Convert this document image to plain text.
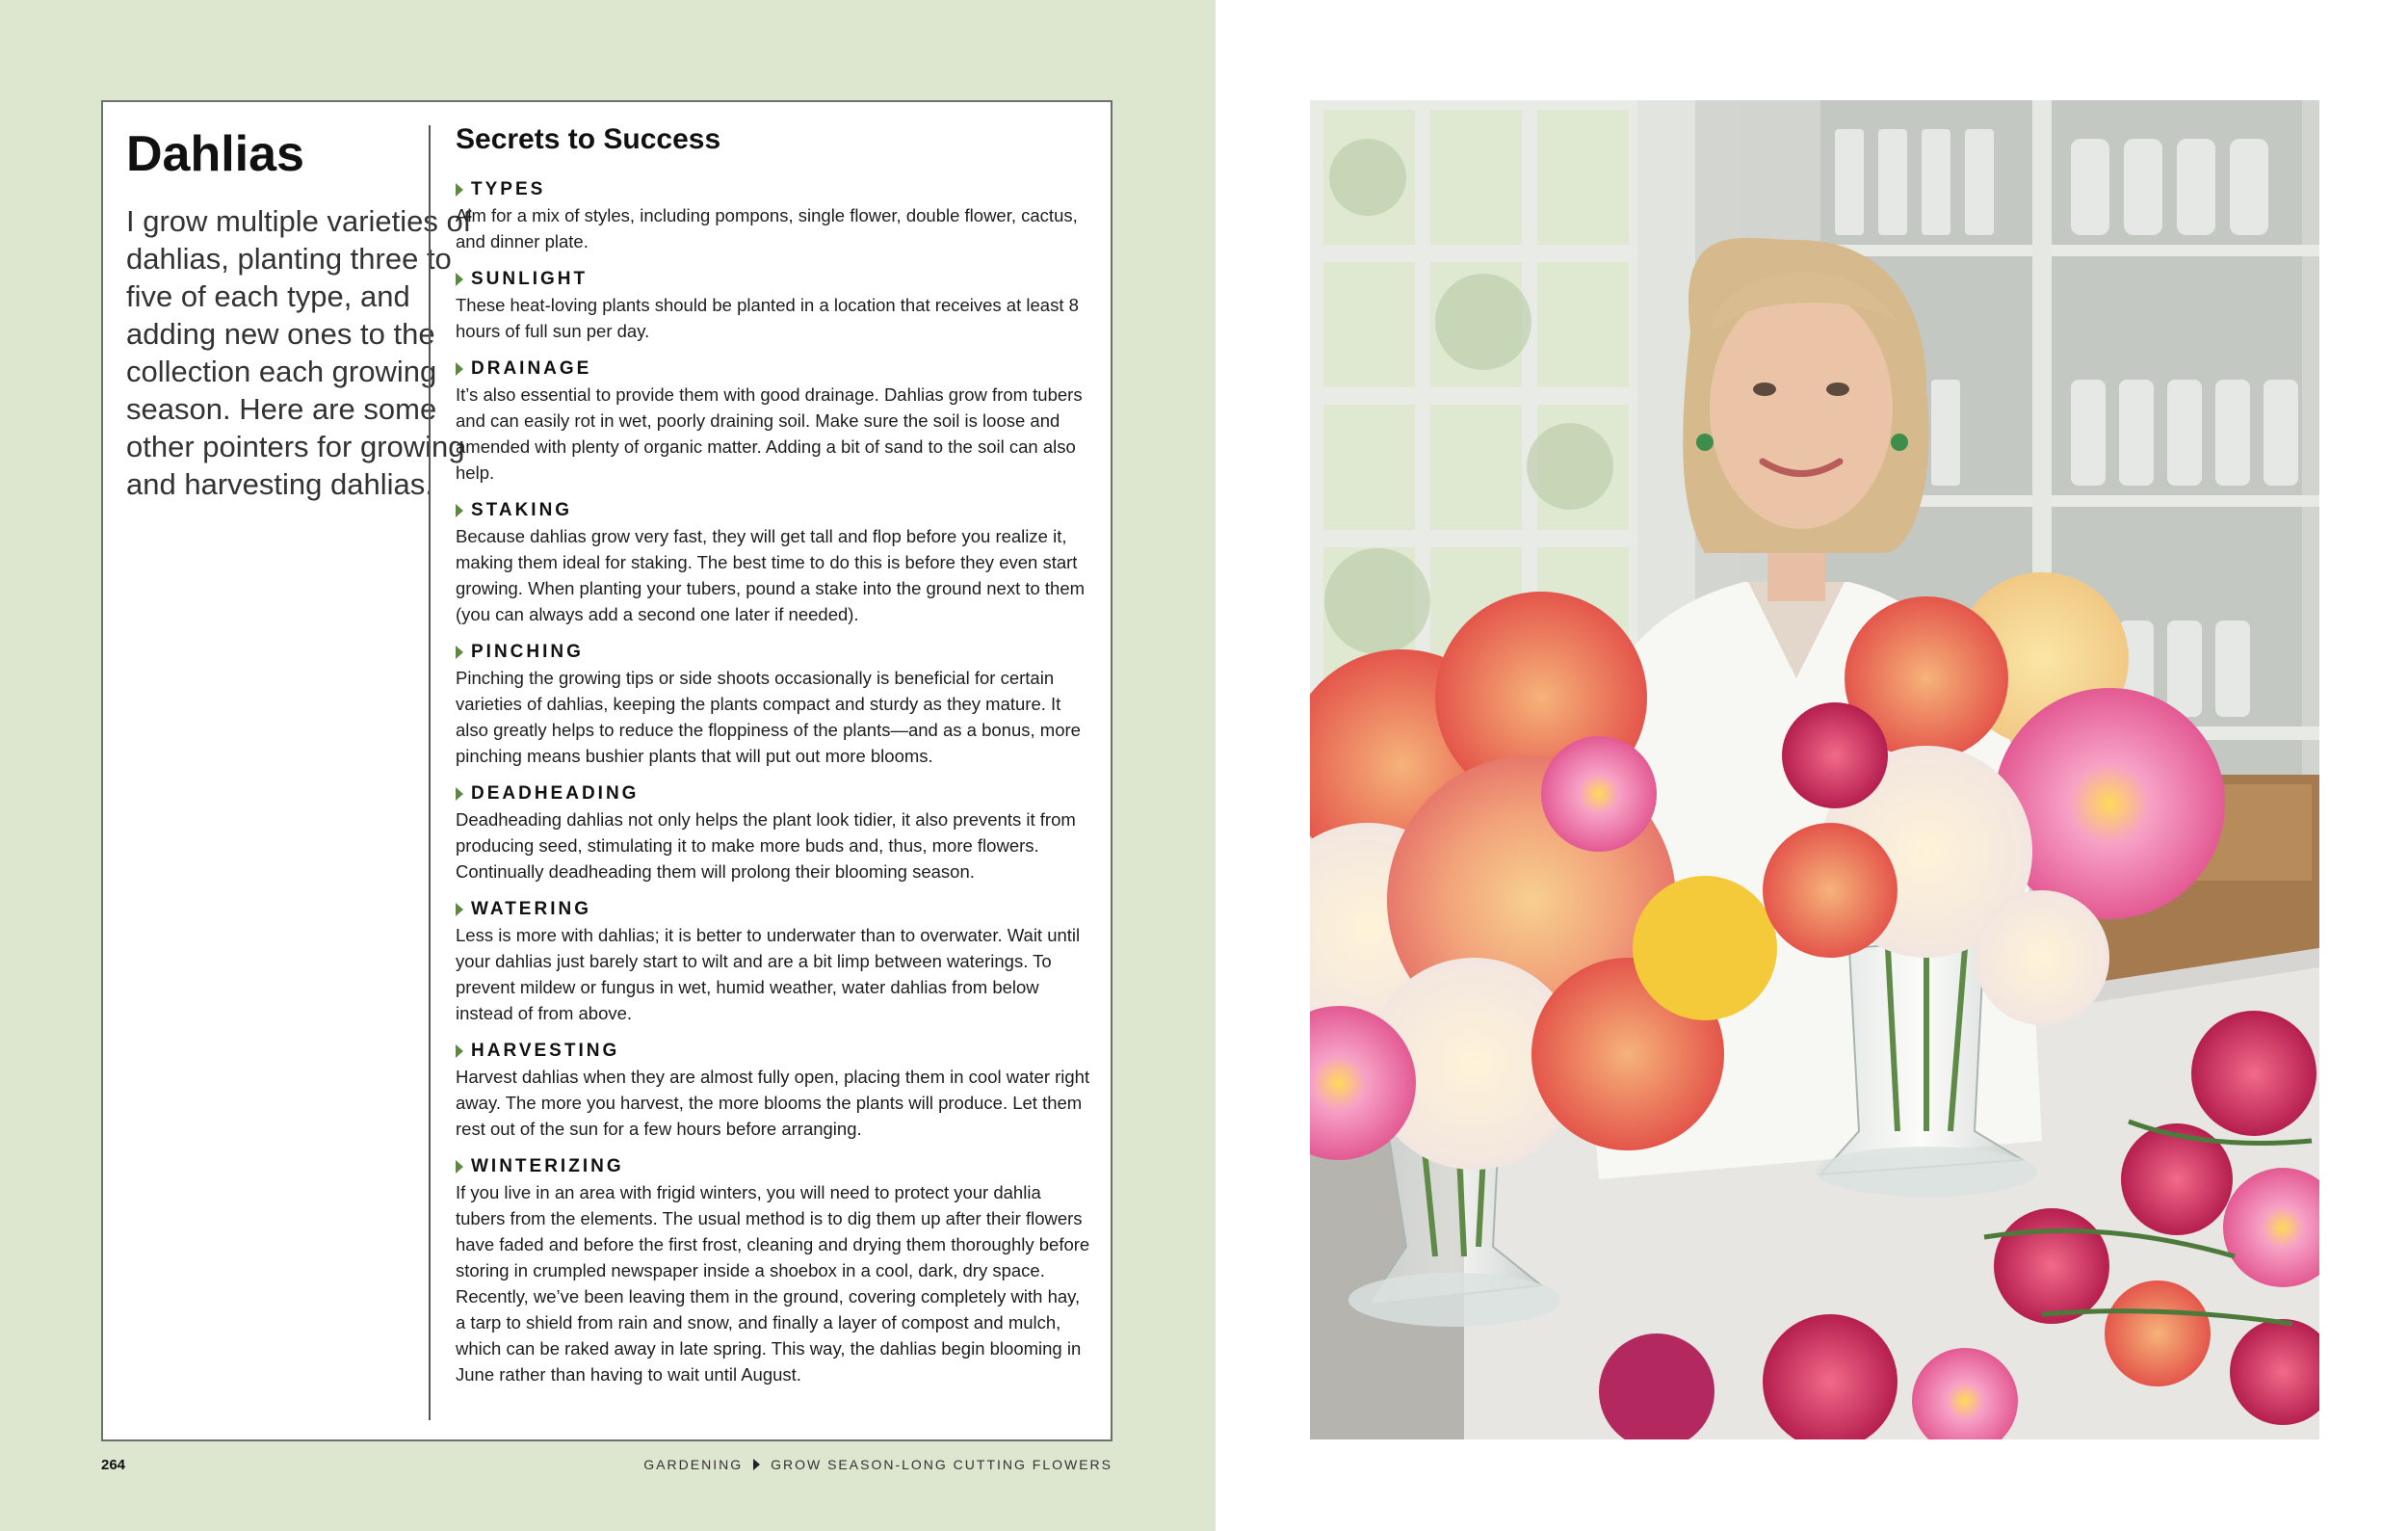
Dahlias

I grow multiple varieties of dahlias, planting three to five of each type, and adding new ones to the collection each growing season. Here are some other pointers for growing and harvesting dahlias.

Secrets to Success
TYPES
Aim for a mix of styles, including pompons, single flower, double flower, cactus, and dinner plate.
SUNLIGHT
These heat-loving plants should be planted in a location that receives at least 8 hours of full sun per day.
DRAINAGE
It’s also essential to provide them with good drainage. Dahlias grow from tubers and can easily rot in wet, poorly draining soil. Make sure the soil is loose and amended with plenty of organic matter. Adding a bit of sand to the soil can also help.
STAKING
Because dahlias grow very fast, they will get tall and flop before you realize it, making them ideal for staking. The best time to do this is before they even start growing. When planting your tubers, pound a stake into the ground next to them (you can always add a second one later if needed).
PINCHING
Pinching the growing tips or side shoots occasionally is beneficial for certain varieties of dahlias, keeping the plants compact and sturdy as they mature. It also greatly helps to reduce the floppiness of the plants—and as a bonus, more pinching means bushier plants that will put out more blooms.
DEADHEADING
Deadheading dahlias not only helps the plant look tidier, it also prevents it from producing seed, stimulating it to make more buds and, thus, more flowers. Continually deadheading them will prolong their blooming season.
WATERING
Less is more with dahlias; it is better to underwater than to overwater. Wait until your dahlias just barely start to wilt and are a bit limp between waterings. To prevent mildew or fungus in wet, humid weather, water dahlias from below instead of from above.
HARVESTING
Harvest dahlias when they are almost fully open, placing them in cool water right away. The more you harvest, the more blooms the plants will produce. Let them rest out of the sun for a few hours before arranging.
WINTERIZING
If you live in an area with frigid winters, you will need to protect your dahlia tubers from the elements. The usual method is to dig them up after their flowers have faded and before the first frost, cleaning and drying them thoroughly before storing in crumpled newspaper inside a shoebox in a cool, dark, dry space. Recently, we’ve been leaving them in the ground, covering completely with hay, a tarp to shield from rain and snow, and finally a layer of compost and mulch, which can be raked away in late spring. This way, the dahlias begin blooming in June rather than having to wait until August.
264	GARDENING GROW SEASON-LONG CUTTING FLOWERS
